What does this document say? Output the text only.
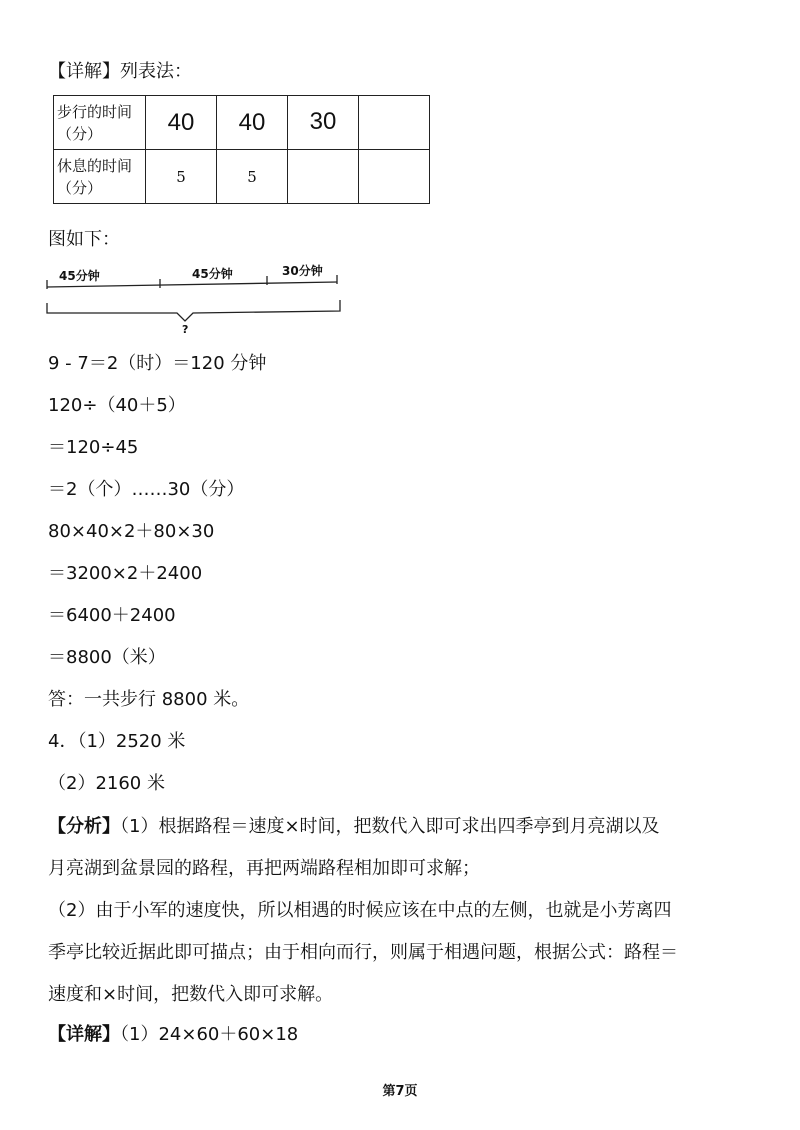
【详解】列表法：
步行的时间
（分）	40	40	30	

休息的时间
（分）	5	5		
图如下：
45分钟	45分钟	30分钟
?
9 - 7＝2（时）＝120 分钟
120÷（40＋5）
＝120÷45
＝2（个）……30（分）
80×40×2＋80×30
＝3200×2＋2400
＝6400＋2400
＝8800（米）
答：一共步行 8800 米。
4．（1）2520 米
（2）2160 米
【分析】（1）根据路程＝速度×时间，把数代入即可求出四季亭到月亮湖以及
月亮湖到盆景园的路程，再把两端路程相加即可求解；
（2）由于小军的速度快，所以相遇的时候应该在中点的左侧，也就是小芳离四
季亭比较近据此即可描点；由于相向而行，则属于相遇问题，根据公式：路程＝
速度和×时间，把数代入即可求解。
【详解】（1）24×60＋60×18
第7页
